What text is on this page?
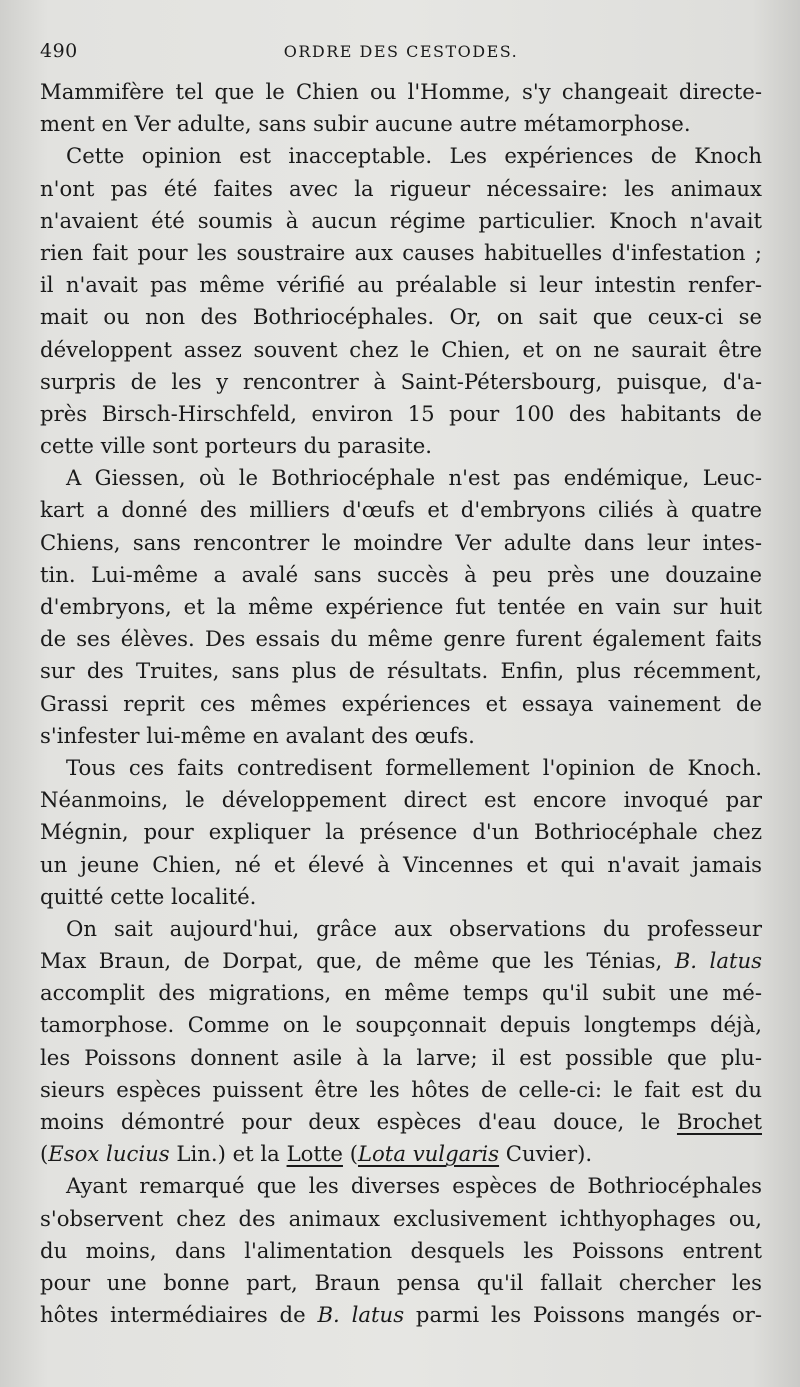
490	ORDRE DES CESTODES.
Mammifère tel que le Chien ou l'Homme, s'y changeait directe-
ment en Ver adulte, sans subir aucune autre métamorphose.
Cette opinion est inacceptable. Les expériences de Knoch
n'ont pas été faites avec la rigueur nécessaire: les animaux
n'avaient été soumis à aucun régime particulier. Knoch n'avait
rien fait pour les soustraire aux causes habituelles d'infestation ;
il n'avait pas même vérifié au préalable si leur intestin renfer-
mait ou non des Bothriocéphales. Or, on sait que ceux-ci se
développent assez souvent chez le Chien, et on ne saurait être
surpris de les y rencontrer à Saint-Pétersbourg, puisque, d'a-
près Birsch-Hirschfeld, environ 15 pour 100 des habitants de
cette ville sont porteurs du parasite.
A Giessen, où le Bothriocéphale n'est pas endémique, Leuc-
kart a donné des milliers d'œufs et d'embryons ciliés à quatre
Chiens, sans rencontrer le moindre Ver adulte dans leur intes-
tin. Lui-même a avalé sans succès à peu près une douzaine
d'embryons, et la même expérience fut tentée en vain sur huit
de ses élèves. Des essais du même genre furent également faits
sur des Truites, sans plus de résultats. Enfin, plus récemment,
Grassi reprit ces mêmes expériences et essaya vainement de
s'infester lui-même en avalant des œufs.
Tous ces faits contredisent formellement l'opinion de Knoch.
Néanmoins, le développement direct est encore invoqué par
Mégnin, pour expliquer la présence d'un Bothriocéphale chez
un jeune Chien, né et élevé à Vincennes et qui n'avait jamais
quitté cette localité.
On sait aujourd'hui, grâce aux observations du professeur
Max Braun, de Dorpat, que, de même que les Ténias, B. latus
accomplit des migrations, en même temps qu'il subit une mé-
tamorphose. Comme on le soupçonnait depuis longtemps déjà,
les Poissons donnent asile à la larve; il est possible que plu-
sieurs espèces puissent être les hôtes de celle-ci: le fait est du
moins démontré pour deux espèces d'eau douce, le Brochet
(Esox lucius Lin.) et la Lotte (Lota vulgaris Cuvier).
Ayant remarqué que les diverses espèces de Bothriocéphales
s'observent chez des animaux exclusivement ichthyophages ou,
du moins, dans l'alimentation desquels les Poissons entrent
pour une bonne part, Braun pensa qu'il fallait chercher les
hôtes intermédiaires de B. latus parmi les Poissons mangés or-
